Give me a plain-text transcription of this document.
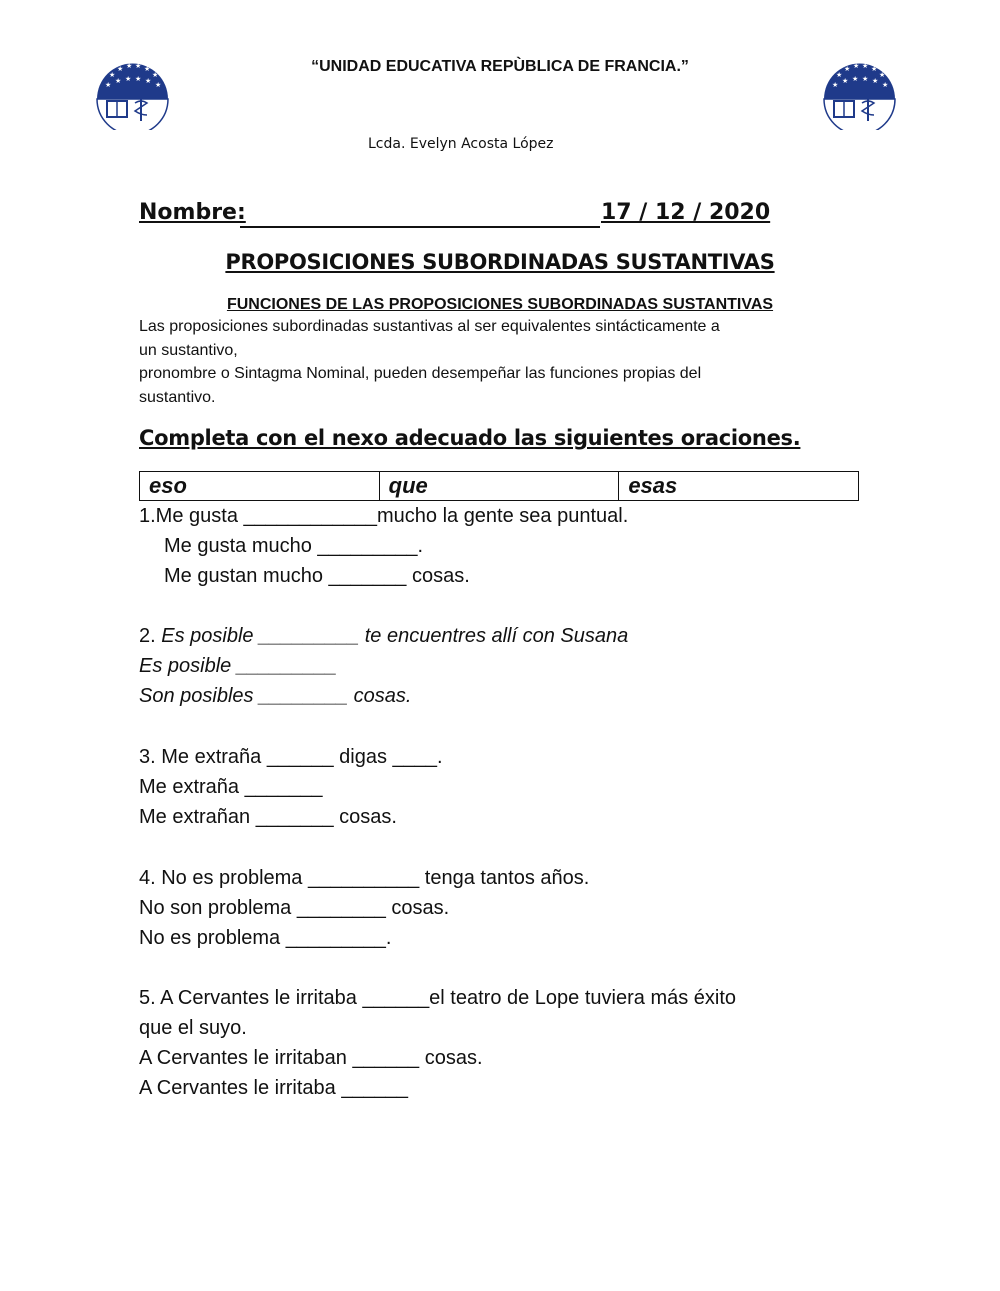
★
★ ★ ★ ★
★
★ ★ ★ ★ ★ ★
★
★ ★ ★ ★
★
★ ★ ★ ★ ★ ★
“UNIDAD EDUCATIVA REPÙBLICA DE FRANCIA.”
Lcda. Evelyn Acosta López
Nombre:	17 / 12 / 2020
PROPOSICIONES SUBORDINADAS SUSTANTIVAS
FUNCIONES DE LAS PROPOSICIONES SUBORDINADAS SUSTANTIVAS
Las proposiciones subordinadas sustantivas al ser equivalentes sintácticamente a
un sustantivo,
pronombre o Sintagma Nominal, pueden desempeñar las funciones propias del
sustantivo.
Completa con el nexo adecuado las siguientes oraciones.
eso	que	esas
1.Me gusta ____________mucho la gente sea puntual.
Me gusta mucho _________.
Me gustan mucho _______ cosas.
2. Es posible _________ te encuentres allí con Susana
Es posible _________
Son posibles ________ cosas.
3. Me extraña ______ digas ____.
Me extraña _______
Me extrañan _______ cosas.
4. No es problema __________ tenga tantos años.
No son problema ________ cosas.
No es problema _________.
5. A Cervantes le irritaba ______el teatro de Lope tuviera más éxito
que el suyo.
A Cervantes le irritaban ______ cosas.
A Cervantes le irritaba ______
